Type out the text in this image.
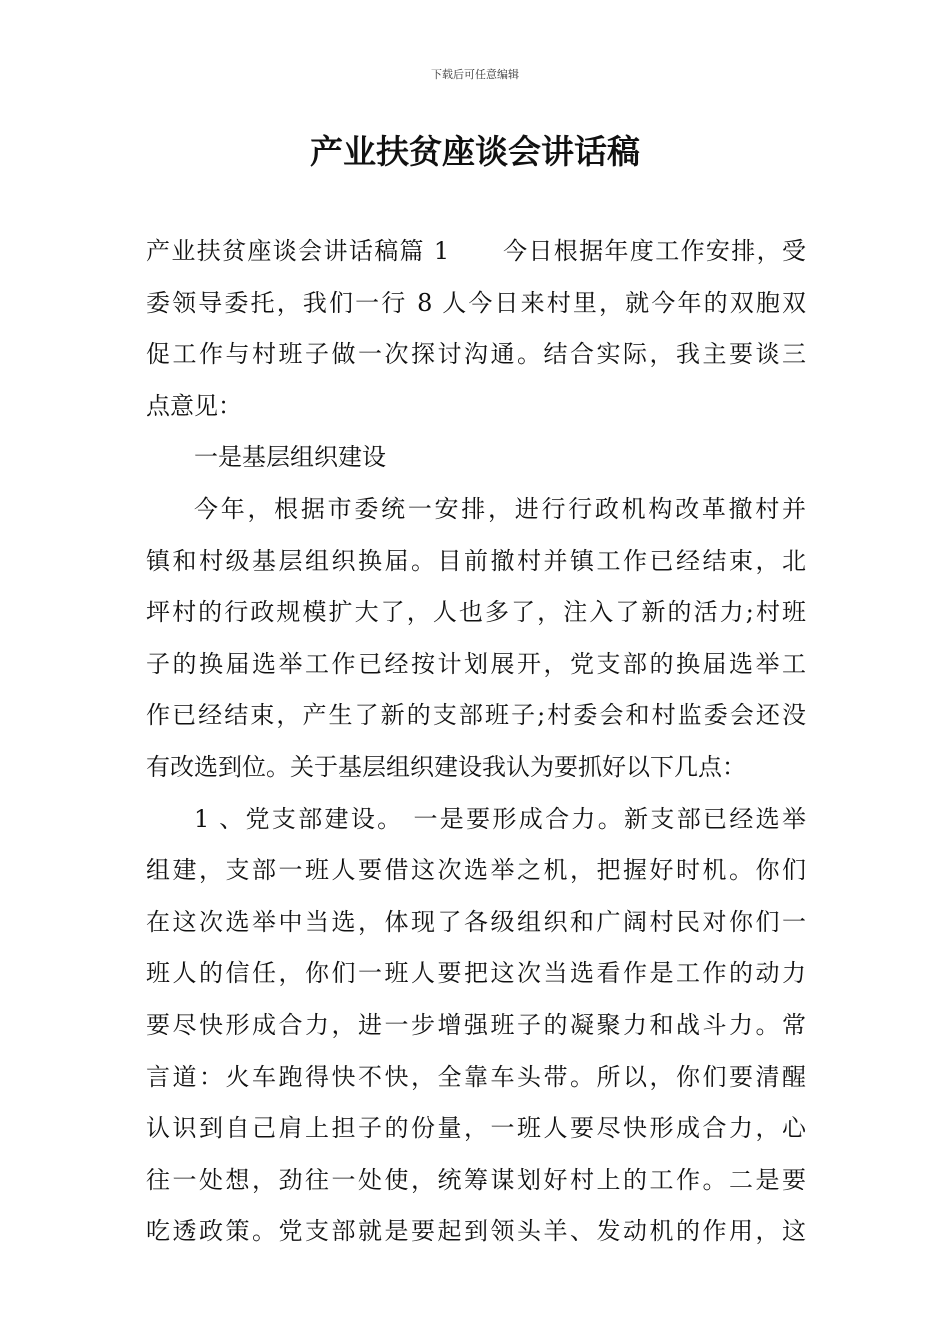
下载后可任意编辑
产业扶贫座谈会讲话稿
产业扶贫座谈会讲话稿篇 1      今日根据年度工作安排，受
委领导委托，我们一行 8 人今日来村里，就今年的双胞双
促工作与村班子做一次探讨沟通。结合实际，我主要谈三
点意见：
一是基层组织建设
今年，根据市委统一安排，进行行政机构改革撤村并
镇和村级基层组织换届。目前撤村并镇工作已经结束，北
坪村的行政规模扩大了，人也多了，注入了新的活力;村班
子的换届选举工作已经按计划展开，党支部的换届选举工
作已经结束，产生了新的支部班子;村委会和村监委会还没
有改选到位。关于基层组织建设我认为要抓好以下几点：
1 、党支部建设。 一是要形成合力。新支部已经选举
组建，支部一班人要借这次选举之机，把握好时机。你们
在这次选举中当选，体现了各级组织和广阔村民对你们一
班人的信任，你们一班人要把这次当选看作是工作的动力
要尽快形成合力，进一步增强班子的凝聚力和战斗力。常
言道：火车跑得快不快，全靠车头带。所以，你们要清醒
认识到自己肩上担子的份量，一班人要尽快形成合力，心
往一处想，劲往一处使，统筹谋划好村上的工作。二是要
吃透政策。党支部就是要起到领头羊、发动机的作用，这
